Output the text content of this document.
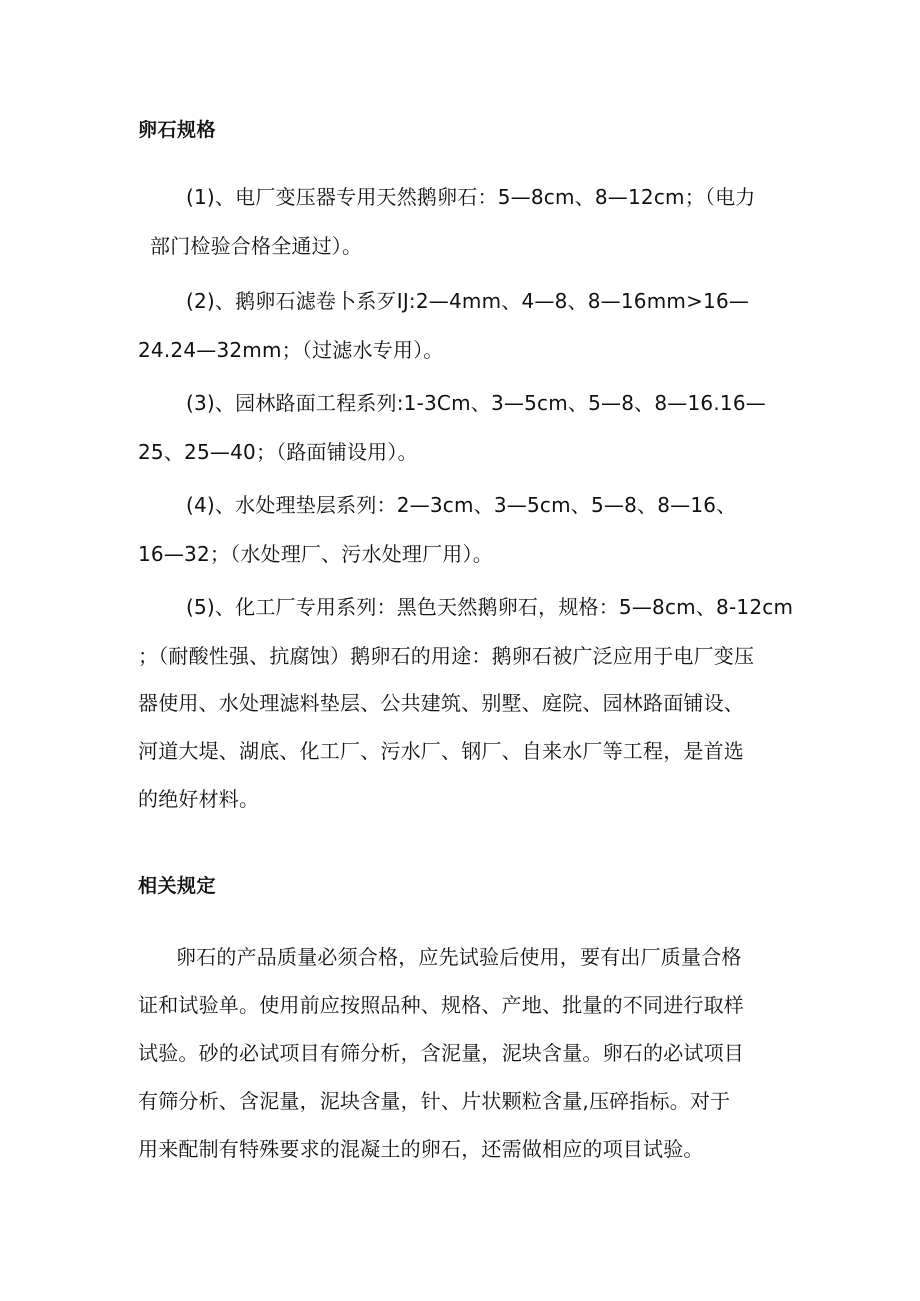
卵石规格
(1)、电厂变压器专用天然鹅卵石：5—8cm、8—12cm；（电力
部门检验合格全通过）。
(2)、鹅卵石滤卷卜系歹IJ:2—4mm、4—8、8—16mm>16—
24.24—32mm；（过滤水专用）。
(3)、园林路面工程系列:1-3Cm、3—5cm、5—8、8—16.16—
25、25—40；（路面铺设用）。
(4)、水处理垫层系列：2—3cm、3—5cm、5—8、8—16、
16—32；（水处理厂、污水处理厂用）。
(5)、化工厂专用系列：黑色天然鹅卵石，规格：5—8cm、8-12cm
；（耐酸性强、抗腐蚀）鹅卵石的用途：鹅卵石被广泛应用于电厂变压
器使用、水处理滤料垫层、公共建筑、别墅、庭院、园林路面铺设、
河道大堤、湖底、化工厂、污水厂、钢厂、自来水厂等工程，是首选
的绝好材料。
相关规定
卵石的产品质量必须合格，应先试验后使用，要有出厂质量合格
证和试验单。使用前应按照品种、规格、产地、批量的不同进行取样
试验。砂的必试项目有筛分析，含泥量，泥块含量。卵石的必试项目
有筛分析、含泥量，泥块含量，针、片状颗粒含量,压碎指标。对于
用来配制有特殊要求的混凝土的卵石，还需做相应的项目试验。
